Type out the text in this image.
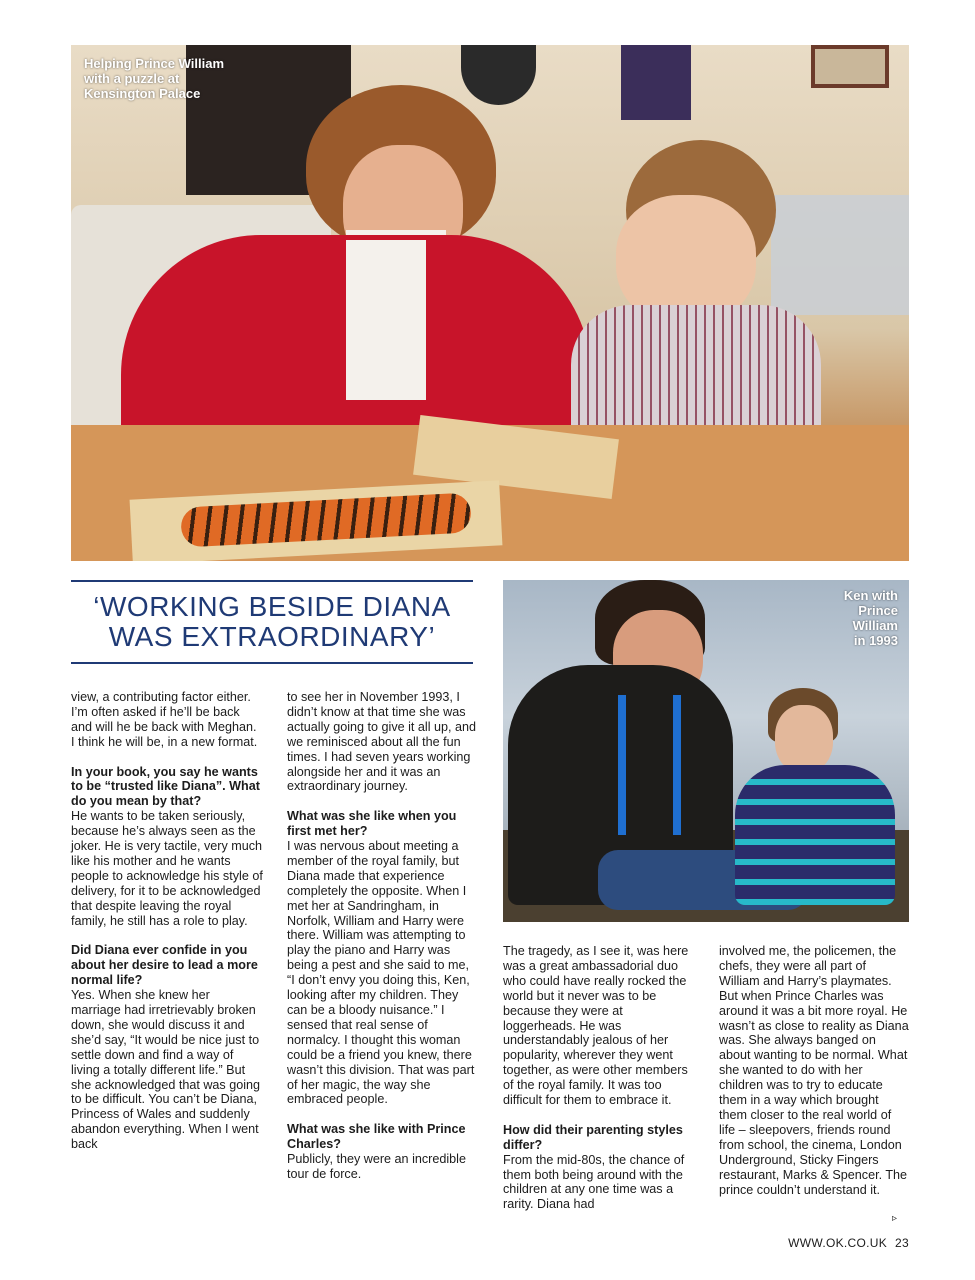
Helping Prince William
with a puzzle at
Kensington Palace
‘WORKING BESIDE DIANA
WAS EXTRAORDINARY’
Ken with
Prince
William
in 1993

view, a contributing factor either. I’m often asked if he’ll be back and will he be back with Meghan. I think he will be, in a new format.

In your book, you say he wants to be “trusted like Diana”. What do you mean by that?
He wants to be taken seriously, because he’s always seen as the joker. He is very tactile, very much like his mother and he wants people to acknowledge his style of delivery, for it to be acknowledged that despite leaving the royal family, he still has a role to play.

Did Diana ever confide in you about her desire to lead a more normal life?
Yes. When she knew her marriage had irretrievably broken down, she would discuss it and she’d say, “It would be nice just to settle down and find a way of living a totally different life.” But she acknowledged that was going to be difficult. You can’t be Diana, Princess of Wales and suddenly abandon everything. When I went back

to see her in November 1993, I didn’t know at that time she was actually going to give it all up, and we reminisced about all the fun times. I had seven years working alongside her and it was an extraordinary journey.

What was she like when you first met her?
I was nervous about meeting a member of the royal family, but Diana made that experience completely the opposite. When I met her at Sandringham, in Norfolk, William and Harry were there. William was attempting to play the piano and Harry was being a pest and she said to me, “I don’t envy you doing this, Ken, looking after my children. They can be a bloody nuisance.” I sensed that real sense of normalcy. I thought this woman could be a friend you knew, there wasn’t this division. That was part of her magic, the way she embraced people.

What was she like with Prince Charles?
Publicly, they were an incredible tour de force.

The tragedy, as I see it, was here was a great ambassadorial duo who could have really rocked the world but it never was to be because they were at loggerheads. He was understandably jealous of her popularity, wherever they went together, as were other members of the royal family. It was too difficult for them to embrace it.

How did their parenting styles differ?
From the mid-80s, the chance of them both being around with the children at any one time was a rarity. Diana had

involved me, the policemen, the chefs, they were all part of William and Harry’s playmates. But when Prince Charles was around it was a bit more royal. He wasn’t as close to reality as Diana was. She always banged on about wanting to be normal. What she wanted to do with her children was to try to educate them in a way which brought them closer to the real world of life – sleepovers, friends round from school, the cinema, London Underground, Sticky Fingers restaurant, Marks & Spencer. The prince couldn’t understand it.

▹
WWW.OK.CO.UK 23
